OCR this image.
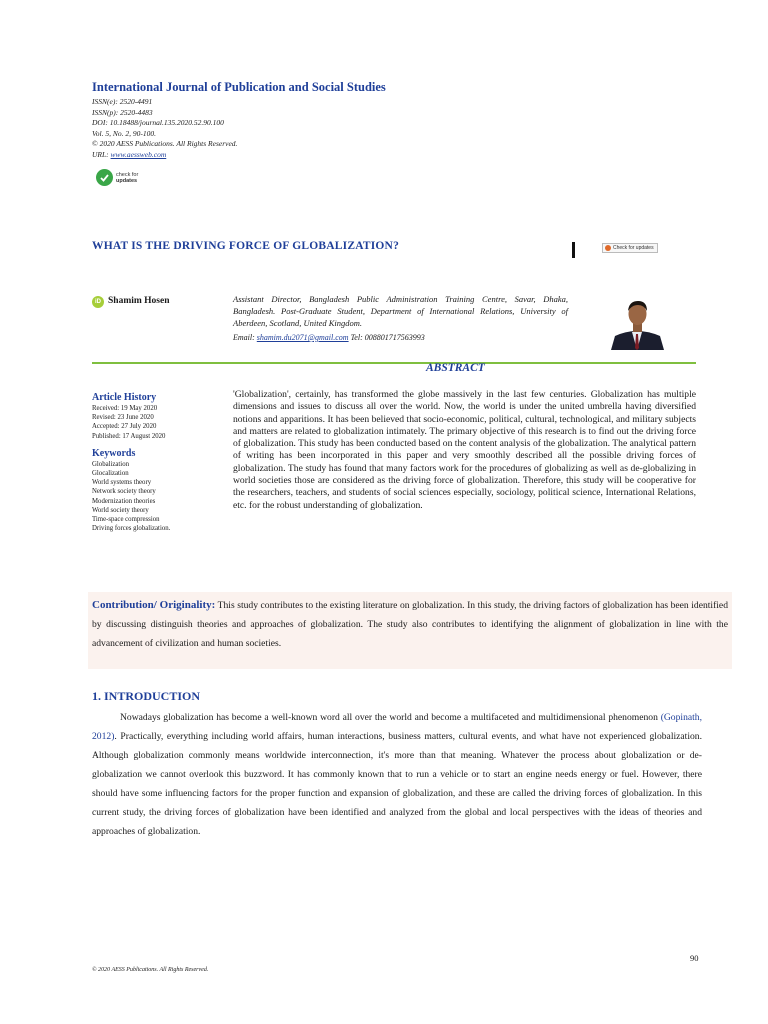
International Journal of Publication and Social Studies
ISSN(e): 2520-4491
ISSN(p): 2520-4483
DOI: 10.18488/journal.135.2020.52.90.100
Vol. 5, No. 2, 90-100.
© 2020 AESS Publications. All Rights Reserved.
URL: www.aessweb.com
check for
updates
WHAT IS THE DRIVING FORCE OF GLOBALIZATION?	Check for updates
iD Shamim Hosen	Assistant Director, Bangladesh Public Administration Training Centre, Savar, Dhaka, Bangladesh. Post-Graduate Student, Department of International Relations, University of Aberdeen, Scotland, United Kingdom.
Email: shamim.du2071@gmail.com Tel: 008801717563993
ABSTRACT
Article History
Received: 19 May 2020
Revised: 23 June 2020
Accepted: 27 July 2020
Published: 17 August 2020
Keywords
Globalization
Glocalization
World systems theory
Network society theory
Modernization theories
World society theory
Time-space compression
Driving forces globalization.
'Globalization', certainly, has transformed the globe massively in the last few centuries. Globalization has multiple dimensions and issues to discuss all over the world. Now, the world is under the united umbrella having diversified notions and apparitions. It has been believed that socio-economic, political, cultural, technological, and military subjects and matters are related to globalization intimately. The primary objective of this research is to find out the driving force of globalization. This study has been conducted based on the content analysis of the globalization. The analytical pattern of writing has been incorporated in this paper and very smoothly described all the possible driving forces of globalization. The study has found that many factors work for the procedures of globalizing as well as de-globalizing in world societies those are considered as the driving force of globalization. Therefore, this study will be cooperative for the researchers, teachers, and students of social sciences especially, sociology, political science, International Relations, etc. for the robust understanding of globalization.

Contribution/ Originality: This study contributes to the existing literature on globalization. In this study, the driving factors of globalization has been identified by discussing distinguish theories and approaches of globalization. The study also contributes to identifying the alignment of globalization in line with the advancement of civilization and human societies.

1. INTRODUCTION

Nowadays globalization has become a well-known word all over the world and become a multifaceted and multidimensional phenomenon (Gopinath, 2012). Practically, everything including world affairs, human interactions, business matters, cultural events, and what have not experienced globalization. Although globalization commonly means worldwide interconnection, it's more than that meaning. Whatever the process about globalization or de-globalization we cannot overlook this buzzword. It has commonly known that to run a vehicle or to start an engine needs energy or fuel. However, there should have some influencing factors for the proper function and expansion of globalization, and these are called the driving forces of globalization. In this current study, the driving forces of globalization have been identified and analyzed from the global and local perspectives with the ideas of theories and approaches of globalization.

90
© 2020 AESS Publications. All Rights Reserved.
